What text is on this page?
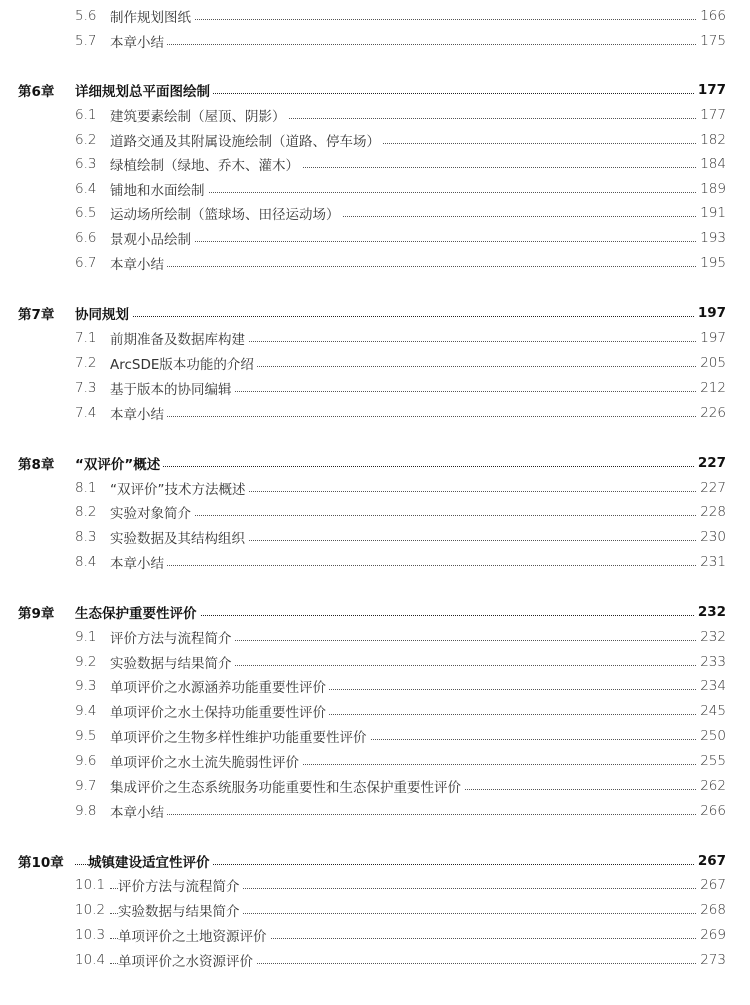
5.6 制作规划图纸	166
5.7 本章小结	175
第6章 详细规划总平面图绘制	177
6.1 建筑要素绘制（屋顶、阴影）	177
6.2 道路交通及其附属设施绘制（道路、停车场）	182
6.3 绿植绘制（绿地、乔木、灌木）	184
6.4 铺地和水面绘制	189
6.5 运动场所绘制（篮球场、田径运动场）	191
6.6 景观小品绘制	193
6.7 本章小结	195
第7章 协同规划	197
7.1 前期准备及数据库构建	197
7.2 ArcSDE版本功能的介绍	205
7.3 基于版本的协同编辑	212
7.4 本章小结	226
第8章 “双评价”概述	227
8.1 “双评价”技术方法概述	227
8.2 实验对象简介	228
8.3 实验数据及其结构组织	230
8.4 本章小结	231
第9章 生态保护重要性评价	232
9.1 评价方法与流程简介	232
9.2 实验数据与结果简介	233
9.3 单项评价之水源涵养功能重要性评价	234
9.4 单项评价之水土保持功能重要性评价	245
9.5 单项评价之生物多样性维护功能重要性评价	250
9.6 单项评价之水土流失脆弱性评价	255
9.7 集成评价之生态系统服务功能重要性和生态保护重要性评价	262
9.8 本章小结	266
第10章 城镇建设适宜性评价	267
10.1 评价方法与流程简介	267
10.2 实验数据与结果简介	268
10.3 单项评价之土地资源评价	269
10.4 单项评价之水资源评价	273
